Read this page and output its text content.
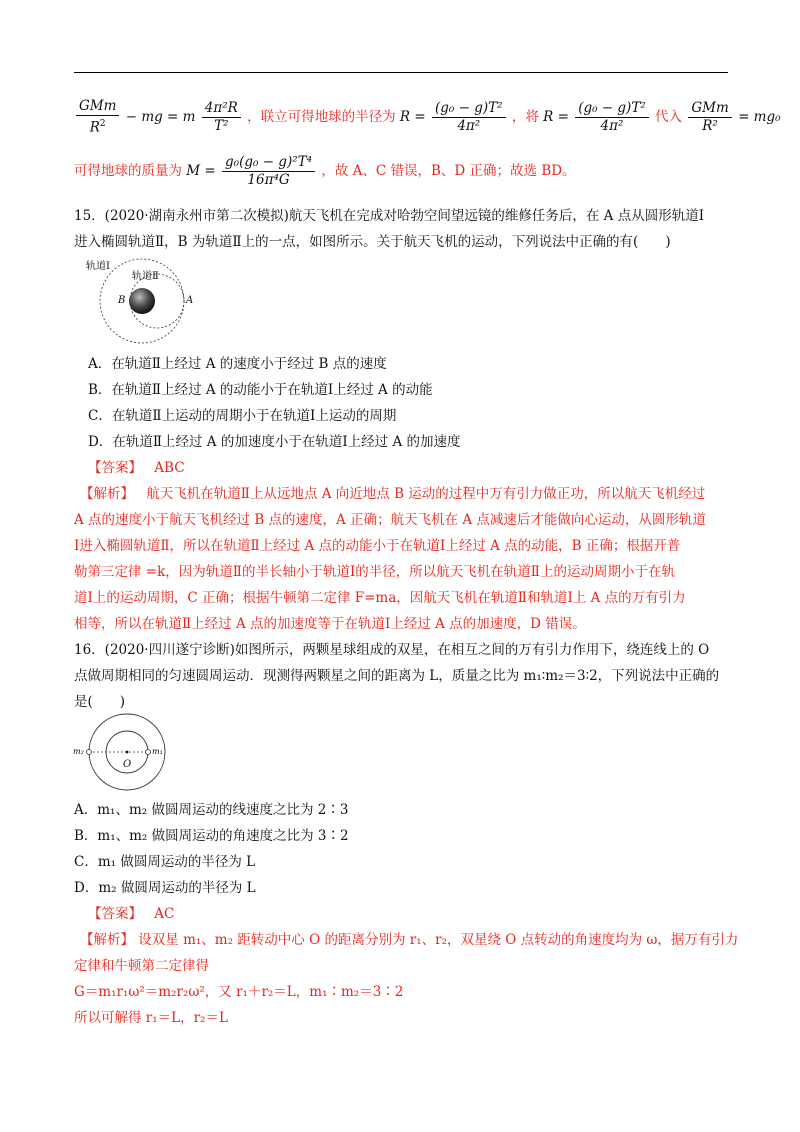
$\frac{\text{GMm}}{R^2}$ − mg = m $\frac{\text{4π²R}}{\text{T²}}$ ，联立可得地球的半径为 $R = \frac{\text{(g₀ − g)T²}}{\text{4π²}}$ ，将 $R = \frac{\text{(g₀ − g)T²}}{\text{4π²}}$ 代入 $\frac{\text{GMm}}{\text{R²}} = mg_0$
可得地球的质量为 $M = \frac{\text{g₀(g₀ − g)²T⁴}}{\text{16π⁴G}}$ ，故 A、C 错误，B、D 正确；故选 BD。
15．(2020·湖南永州市第二次模拟)航天飞机在完成对哈勃空间望远镜的维修任务后，在 A 点从圆形轨道Ⅰ
进入椭圆轨道Ⅱ，B 为轨道Ⅱ上的一点，如图所示。关于航天飞机的运动，下列说法中正确的有(　　)
轨道Ⅰ
轨道Ⅱ
B	A
A．在轨道Ⅱ上经过 A 的速度小于经过 B 点的速度
B．在轨道Ⅱ上经过 A 的动能小于在轨道Ⅰ上经过 A 的动能
C．在轨道Ⅱ上运动的周期小于在轨道Ⅰ上运动的周期
D．在轨道Ⅱ上经过 A 的加速度小于在轨道Ⅰ上经过 A 的加速度
【答案】 ABC
【解析】 航天飞机在轨道Ⅱ上从远地点 A 向近地点 B 运动的过程中万有引力做正功，所以航天飞机经过
A 点的速度小于航天飞机经过 B 点的速度，A 正确；航天飞机在 A 点减速后才能做向心运动，从圆形轨道
Ⅰ进入椭圆轨道Ⅱ，所以在轨道Ⅱ上经过 A 点的动能小于在轨道Ⅰ上经过 A 点的动能，B 正确；根据开普
勒第三定律 =k，因为轨道Ⅱ的半长轴小于轨道Ⅰ的半径，所以航天飞机在轨道Ⅱ上的运动周期小于在轨
道Ⅰ上的运动周期，C 正确；根据牛顿第二定律 F=ma，因航天飞机在轨道Ⅱ和轨道Ⅰ上 A 点的万有引力
相等，所以在轨道Ⅱ上经过 A 点的加速度等于在轨道Ⅰ上经过 A 点的加速度，D 错误。
16．(2020·四川遂宁诊断)如图所示，两颗星球组成的双星，在相互之间的万有引力作用下，绕连线上的 O
点做周期相同的匀速圆周运动．现测得两颗星之间的距离为 L，质量之比为 m₁∶m₂＝3∶2，下列说法中正确的
是(　　)
m₂	m₁
O
A．m₁、m₂ 做圆周运动的线速度之比为 2∶3
B．m₁、m₂ 做圆周运动的角速度之比为 3∶2
C．m₁ 做圆周运动的半径为 L
D．m₂ 做圆周运动的半径为 L
【答案】 AC
【解析】 设双星 m₁、m₂ 距转动中心 O 的距离分别为 r₁、r₂，双星绕 O 点转动的角速度均为 ω，据万有引力
定律和牛顿第二定律得
G＝m₁r₁ω²＝m₂r₂ω²，又 r₁＋r₂＝L，m₁∶m₂＝3∶2
所以可解得 r₁＝L，r₂＝L
